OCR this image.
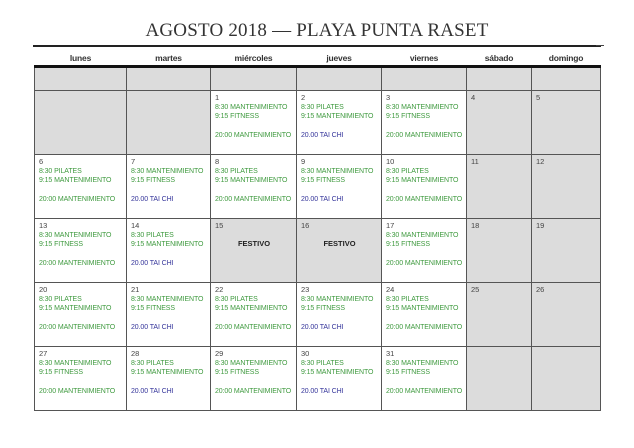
AGOSTO 2018 — PLAYA PUNTA RASET
lunes	martes	miércoles	jueves	viernes	sábado	domingo

		1
8:30 MANTENIMIENTO
9:15 FITNESS
20:00 MANTENIMIENTO	2
8:30 PILATES
9:15 MANTENIMIENTO
20.00 TAI CHI	3
8:30 MANTENIMIENTO
9:15 FITNESS
20:00 MANTENIMIENTO	4	5

6
8:30 PILATES
9:15 MANTENIMIENTO
20:00 MANTENIMIENTO	7
8:30 MANTENIMIENTO
9:15 FITNESS
20.00 TAI CHI	8
8:30 PILATES
9:15 MANTENIMIENTO
20:00 MANTENIMIENTO	9
8:30 MANTENIMIENTO
9:15 FITNESS
20.00 TAI CHI	10
8:30 PILATES
9:15 MANTENIMIENTO
20:00 MANTENIMIENTO	11	12

13
8:30 MANTENIMIENTO
9:15 FITNESS
20:00 MANTENIMIENTO	14
8:30 PILATES
9:15 MANTENIMIENTO
20.00 TAI CHI	15
FESTIVO	16
FESTIVO	17
8:30 MANTENIMIENTO
9:15 FITNESS
20:00 MANTENIMIENTO	18	19

20
8:30 PILATES
9:15 MANTENIMIENTO
20:00 MANTENIMIENTO	21
8:30 MANTENIMIENTO
9:15 FITNESS
20.00 TAI CHI	22
8:30 PILATES
9:15 MANTENIMIENTO
20:00 MANTENIMIENTO	23
8:30 MANTENIMIENTO
9:15 FITNESS
20.00 TAI CHI	24
8:30 PILATES
9:15 MANTENIMIENTO
20:00 MANTENIMIENTO	25	26

27
8:30 MANTENIMIENTO
9:15 FITNESS
20:00 MANTENIMIENTO	28
8:30 PILATES
9:15 MANTENIMIENTO
20.00 TAI CHI	29
8:30 MANTENIMIENTO
9:15 FITNESS
20:00 MANTENIMIENTO	30
8:30 PILATES
9:15 MANTENIMIENTO
20.00 TAI CHI	31
8:30 MANTENIMIENTO
9:15 FITNESS
20:00 MANTENIMIENTO		
